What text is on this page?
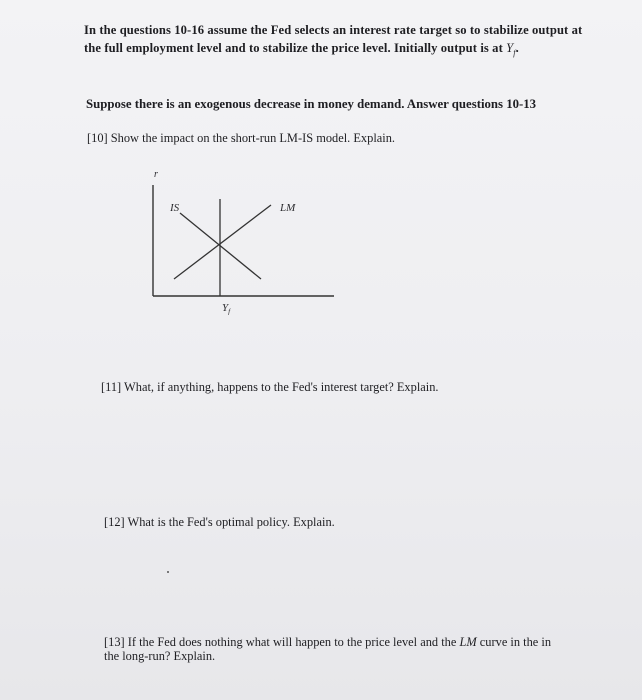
In the questions 10-16 assume the Fed selects an interest rate target so to stabilize output at the full employment level and to stabilize the price level. Initially output is at $Y_f$.
Suppose there is an exogenous decrease in money demand. Answer questions 10-13
[10] Show the impact on the short-run LM-IS model. Explain.
r
IS	LM
$Y_f$
[11] What, if anything, happens to the Fed's interest target? Explain.
[12] What is the Fed's optimal policy. Explain.
[13] If the Fed does nothing what will happen to the price level and the LM curve in the in the long-run? Explain.
